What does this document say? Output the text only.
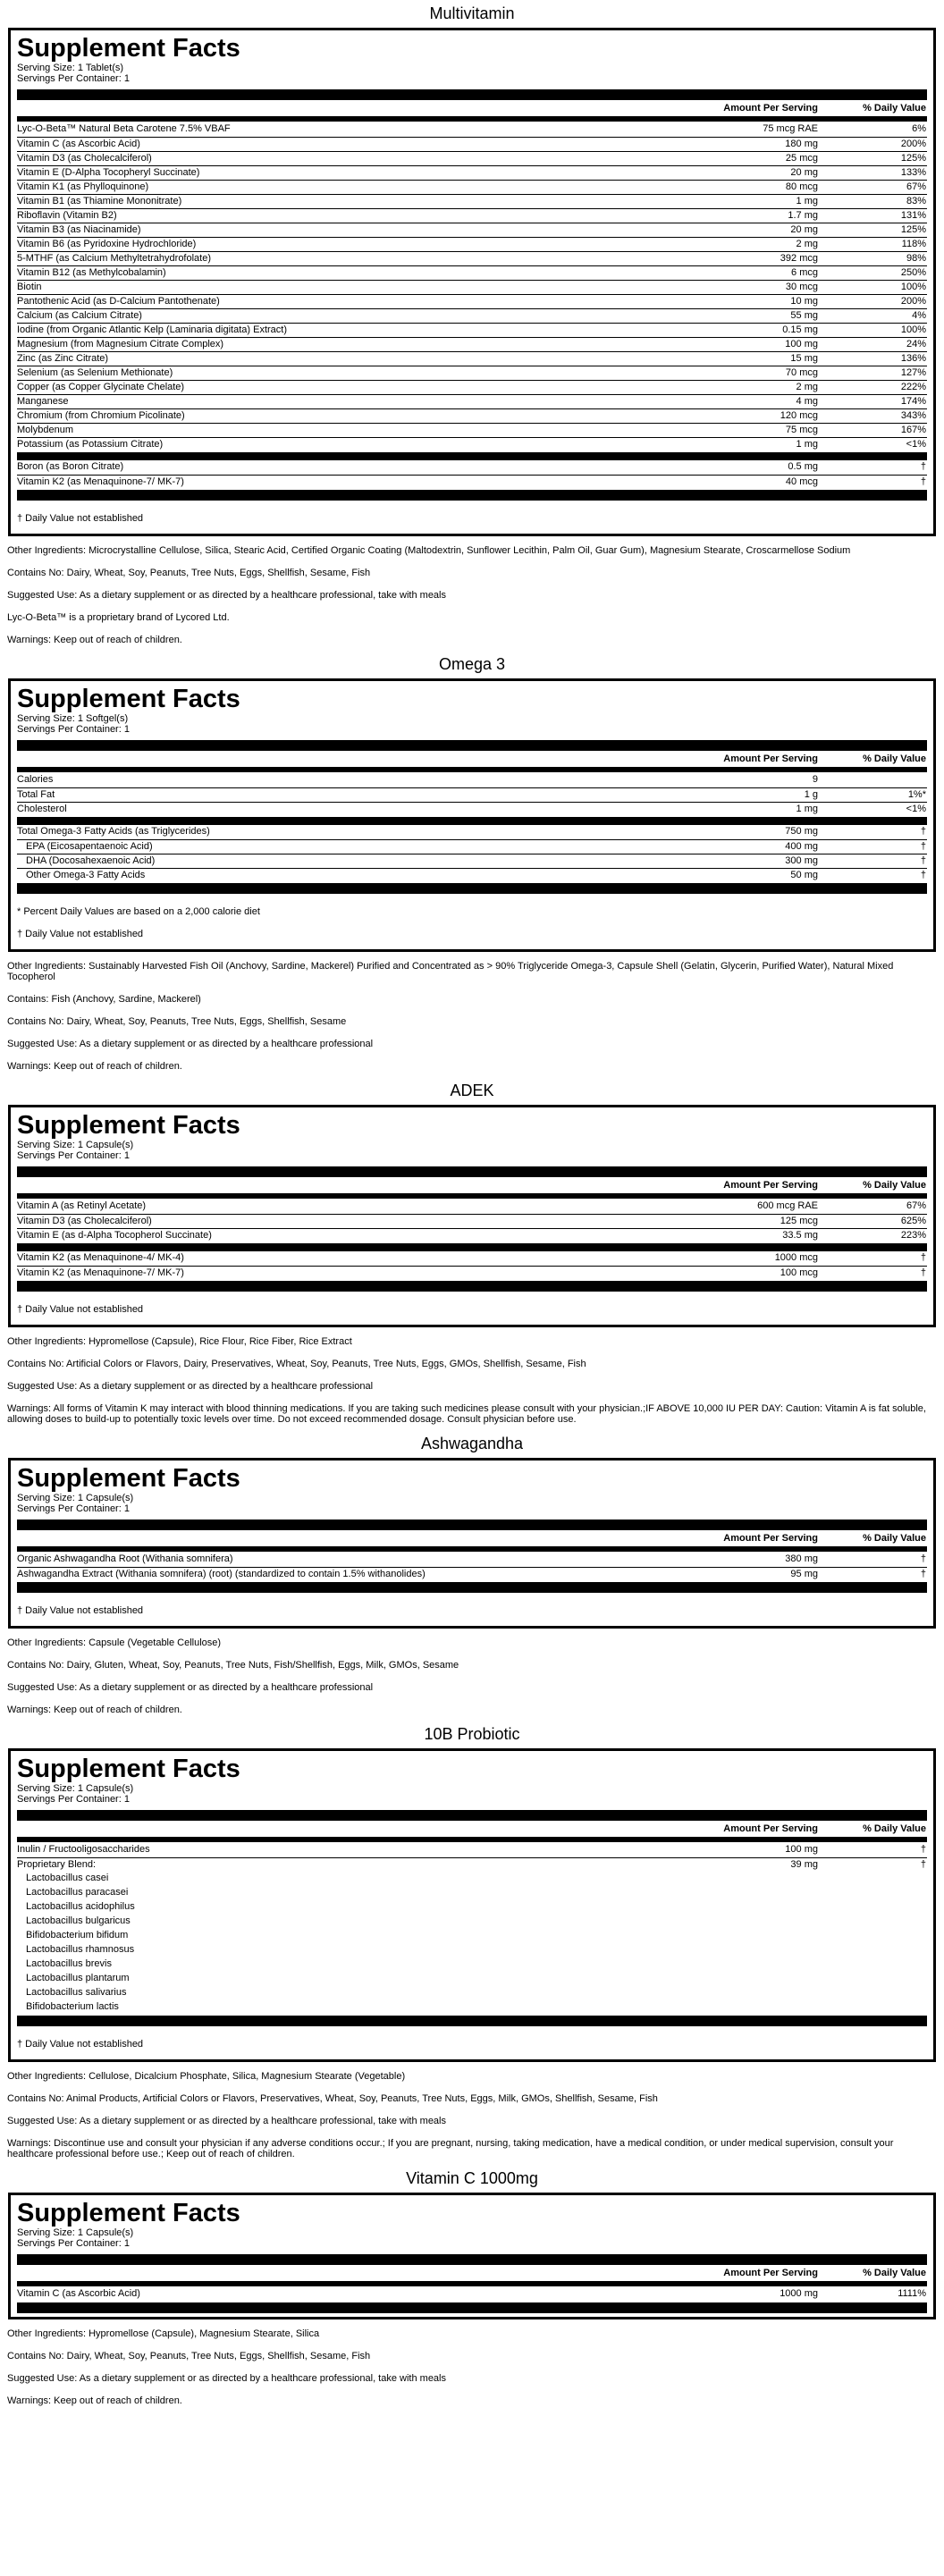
Multivitamin
Supplement Facts
Serving Size: 1 Tablet(s)
Servings Per Container: 1
Amount Per Serving	% Daily Value
Lyc-O-Beta™ Natural Beta Carotene 7.5% VBAF	75 mcg RAE	6%
Vitamin C (as Ascorbic Acid)	180 mg	200%
Vitamin D3 (as Cholecalciferol)	25 mcg	125%
Vitamin E (D-Alpha Tocopheryl Succinate)	20 mg	133%
Vitamin K1 (as Phylloquinone)	80 mcg	67%
Vitamin B1 (as Thiamine Mononitrate)	1 mg	83%
Riboflavin (Vitamin B2)	1.7 mg	131%
Vitamin B3 (as Niacinamide)	20 mg	125%
Vitamin B6 (as Pyridoxine Hydrochloride)	2 mg	118%
5-MTHF (as Calcium Methyltetrahydrofolate)	392 mcg	98%
Vitamin B12 (as Methylcobalamin)	6 mcg	250%
Biotin	30 mcg	100%
Pantothenic Acid (as D-Calcium Pantothenate)	10 mg	200%
Calcium (as Calcium Citrate)	55 mg	4%
Iodine (from Organic Atlantic Kelp (Laminaria digitata) Extract)	0.15 mg	100%
Magnesium (from Magnesium Citrate Complex)	100 mg	24%
Zinc (as Zinc Citrate)	15 mg	136%
Selenium (as Selenium Methionate)	70 mcg	127%
Copper (as Copper Glycinate Chelate)	2 mg	222%
Manganese	4 mg	174%
Chromium (from Chromium Picolinate)	120 mcg	343%
Molybdenum	75 mcg	167%
Potassium (as Potassium Citrate)	1 mg	<1%
Boron (as Boron Citrate)	0.5 mg	†
Vitamin K2 (as Menaquinone-7/ MK-7)	40 mcg	†
† Daily Value not established

Other Ingredients: Microcrystalline Cellulose, Silica, Stearic Acid, Certified Organic Coating (Maltodextrin, Sunflower Lecithin, Palm Oil, Guar Gum), Magnesium Stearate, Croscarmellose Sodium

Contains No: Dairy, Wheat, Soy, Peanuts, Tree Nuts, Eggs, Shellfish, Sesame, Fish

Suggested Use: As a dietary supplement or as directed by a healthcare professional, take with meals

Lyc-O-Beta™ is a proprietary brand of Lycored Ltd.

Warnings: Keep out of reach of children.

Omega 3
Supplement Facts
Serving Size: 1 Softgel(s)
Servings Per Container: 1
Amount Per Serving	% Daily Value
Calories	9
Total Fat	1 g	1%*
Cholesterol	1 mg	<1%
Total Omega-3 Fatty Acids (as Triglycerides)	750 mg	†
EPA (Eicosapentaenoic Acid)	400 mg	†
DHA (Docosahexaenoic Acid)	300 mg	†
Other Omega-3 Fatty Acids	50 mg	†
* Percent Daily Values are based on a 2,000 calorie diet
† Daily Value not established

Other Ingredients: Sustainably Harvested Fish Oil (Anchovy, Sardine, Mackerel) Purified and Concentrated as > 90% Triglyceride Omega-3, Capsule Shell (Gelatin, Glycerin, Purified Water), Natural Mixed Tocopherol

Contains: Fish (Anchovy, Sardine, Mackerel)

Contains No: Dairy, Wheat, Soy, Peanuts, Tree Nuts, Eggs, Shellfish, Sesame

Suggested Use: As a dietary supplement or as directed by a healthcare professional

Warnings: Keep out of reach of children.

ADEK
Supplement Facts
Serving Size: 1 Capsule(s)
Servings Per Container: 1
Amount Per Serving	% Daily Value
Vitamin A (as Retinyl Acetate)	600 mcg RAE	67%
Vitamin D3 (as Cholecalciferol)	125 mcg	625%
Vitamin E (as d-Alpha Tocopherol Succinate)	33.5 mg	223%
Vitamin K2 (as Menaquinone-4/ MK-4)	1000 mcg	†
Vitamin K2 (as Menaquinone-7/ MK-7)	100 mcg	†
† Daily Value not established

Other Ingredients: Hypromellose (Capsule), Rice Flour, Rice Fiber, Rice Extract

Contains No: Artificial Colors or Flavors, Dairy, Preservatives, Wheat, Soy, Peanuts, Tree Nuts, Eggs, GMOs, Shellfish, Sesame, Fish

Suggested Use: As a dietary supplement or as directed by a healthcare professional

Warnings: All forms of Vitamin K may interact with blood thinning medications. If you are taking such medicines please consult with your physician.;IF ABOVE 10,000 IU PER DAY: Caution: Vitamin A is fat soluble, allowing doses to build-up to potentially toxic levels over time. Do not exceed recommended dosage. Consult physician before use.

Ashwagandha
Supplement Facts
Serving Size: 1 Capsule(s)
Servings Per Container: 1
Amount Per Serving	% Daily Value
Organic Ashwagandha Root (Withania somnifera)	380 mg	†
Ashwagandha Extract (Withania somnifera) (root) (standardized to contain 1.5% withanolides)	95 mg	†
† Daily Value not established

Other Ingredients: Capsule (Vegetable Cellulose)

Contains No: Dairy, Gluten, Wheat, Soy, Peanuts, Tree Nuts, Fish/Shellfish, Eggs, Milk, GMOs, Sesame

Suggested Use: As a dietary supplement or as directed by a healthcare professional

Warnings: Keep out of reach of children.

10B Probiotic
Supplement Facts
Serving Size: 1 Capsule(s)
Servings Per Container: 1
Amount Per Serving	% Daily Value
Inulin / Fructooligosaccharides	100 mg	†
Proprietary Blend:	39 mg	†
Lactobacillus casei
Lactobacillus paracasei
Lactobacillus acidophilus
Lactobacillus bulgaricus
Bifidobacterium bifidum
Lactobacillus rhamnosus
Lactobacillus brevis
Lactobacillus plantarum
Lactobacillus salivarius
Bifidobacterium lactis
† Daily Value not established

Other Ingredients: Cellulose, Dicalcium Phosphate, Silica, Magnesium Stearate (Vegetable)

Contains No: Animal Products, Artificial Colors or Flavors, Preservatives, Wheat, Soy, Peanuts, Tree Nuts, Eggs, Milk, GMOs, Shellfish, Sesame, Fish

Suggested Use: As a dietary supplement or as directed by a healthcare professional, take with meals

Warnings: Discontinue use and consult your physician if any adverse conditions occur.; If you are pregnant, nursing, taking medication, have a medical condition, or under medical supervision, consult your healthcare professional before use.; Keep out of reach of children.

Vitamin C 1000mg
Supplement Facts
Serving Size: 1 Capsule(s)
Servings Per Container: 1
Amount Per Serving	% Daily Value
Vitamin C (as Ascorbic Acid)	1000 mg	1111%

Other Ingredients: Hypromellose (Capsule), Magnesium Stearate, Silica

Contains No: Dairy, Wheat, Soy, Peanuts, Tree Nuts, Eggs, Shellfish, Sesame, Fish

Suggested Use: As a dietary supplement or as directed by a healthcare professional, take with meals

Warnings: Keep out of reach of children.
